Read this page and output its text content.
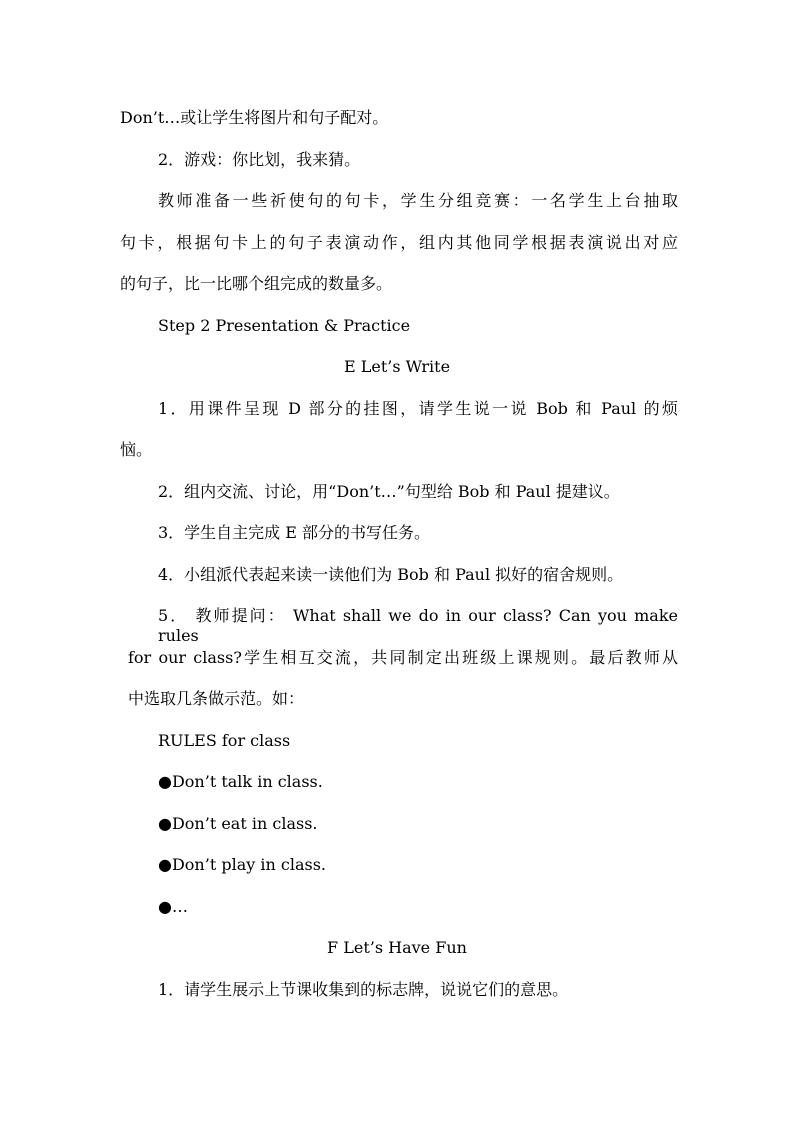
Don’t…或让学生将图片和句子配对。
2．游戏：你比划，我来猜。
教师准备一些祈使句的句卡，学生分组竞赛：一名学生上台抽取
句卡，根据句卡上的句子表演动作，组内其他同学根据表演说出对应
的句子，比一比哪个组完成的数量多。
Step 2 Presentation & Practice
E Let’s Write
1．用课件呈现 D 部分的挂图，请学生说一说 Bob 和 Paul 的烦
恼。
2．组内交流、讨论，用“Don’t…”句型给 Bob 和 Paul 提建议。
3．学生自主完成 E 部分的书写任务。
4．小组派代表起来读一读他们为 Bob 和 Paul 拟好的宿舍规则。
5． 教师提问： What shall we do in our class? Can you make rules
for our class?学生相互交流，共同制定出班级上课规则。最后教师从
中选取几条做示范。如：
RULES for class
●Don’t talk in class.
●Don’t eat in class.
●Don’t play in class.
●…
F Let’s Have Fun
1．请学生展示上节课收集到的标志牌，说说它们的意思。
